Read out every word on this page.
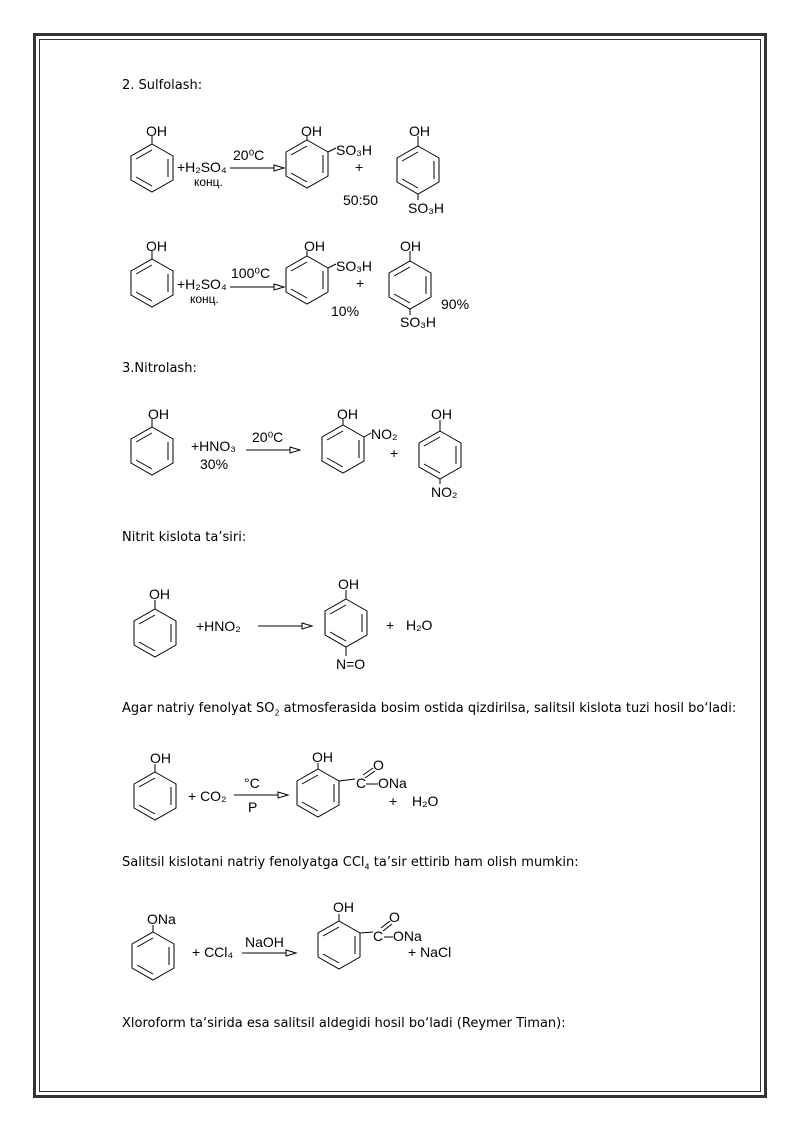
2. Sulfolash:
3.Nitrolash:
Nitrit kislota ta’siri:
Agar natriy fenolyat $SO_2$ atmosferasida bosim ostida qizdirilsa, salitsil kislota tuzi hosil bo‘ladi:
Salitsil kislotani natriy fenolyatga CCl$_4$ ta’sir ettirib ham olish mumkin:
Xloroform ta‘sirida esa salitsil aldegidi hosil bo‘ladi (Reymer Timan):
OH
+H₂SO₄
конц.
20⁰C
OH
SO₃H
+
50:50
OH
SO₃H
OH
+H₂SO₄
конц.
100⁰C
OH
SO₃H
+
10%
OH
SO₃H
90%
OH
+HNO₃
30%
20⁰C
OH
NO₂
+
OH
NO₂
OH
+HNO₂
OH
N=O
+ H₂O
OH
+ CO₂
°C
P
OH	O
C ONa
+ H₂O
ONa
+ CCl₄
NaOH
OH
O
C ONa
+ NaCl
